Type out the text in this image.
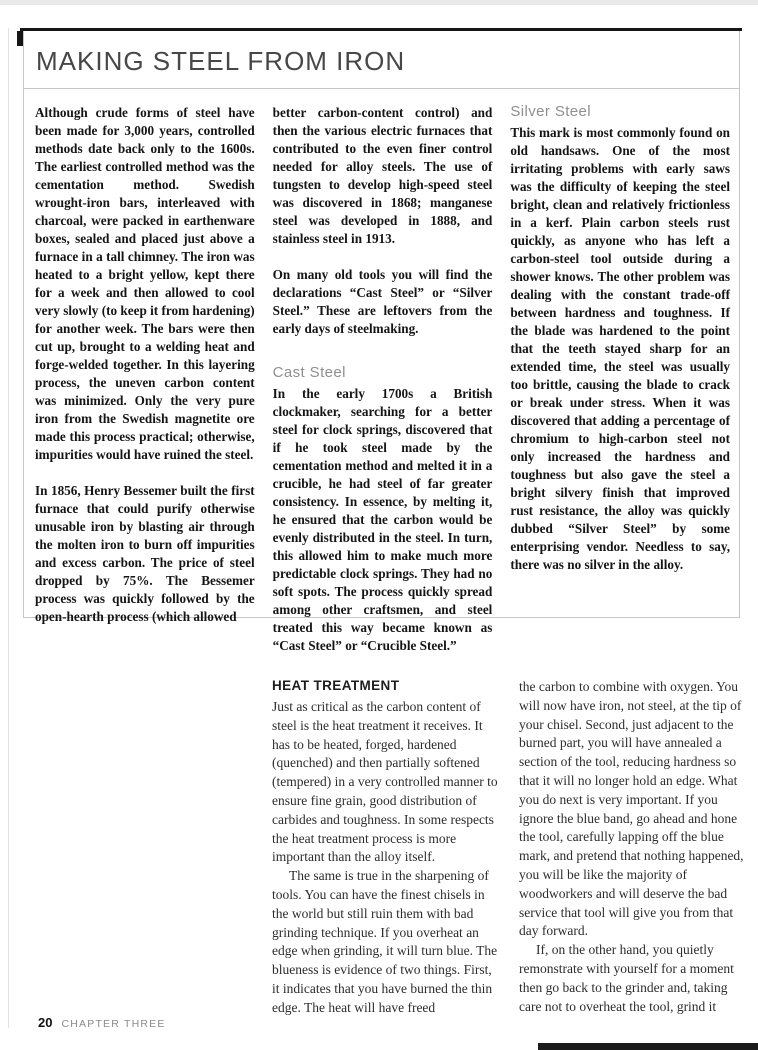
MAKING STEEL FROM IRON

Although crude forms of steel have been made for 3,000 years, controlled methods date back only to the 1600s. The earliest controlled method was the cementation method. Swedish wrought-iron bars, interleaved with charcoal, were packed in earthenware boxes, sealed and placed just above a furnace in a tall chimney. The iron was heated to a bright yellow, kept there for a week and then allowed to cool very slowly (to keep it from hardening) for another week. The bars were then cut up, brought to a welding heat and forge-welded together. In this layering process, the uneven carbon content was minimized. Only the very pure iron from the Swedish magnetite ore made this process practical; otherwise, impurities would have ruined the steel.

In 1856, Henry Bessemer built the first furnace that could purify otherwise unusable iron by blasting air through the molten iron to burn off impurities and excess carbon. The price of steel dropped by 75%. The Bessemer process was quickly followed by the open-hearth process (which allowed

better carbon-content control) and then the various electric furnaces that contributed to the even finer control needed for alloy steels. The use of tungsten to develop high-speed steel was discovered in 1868; manganese steel was developed in 1888, and stainless steel in 1913.

On many old tools you will find the declarations “Cast Steel” or “Silver Steel.” These are leftovers from the early days of steelmaking.

Cast Steel

In the early 1700s a British clockmaker, searching for a better steel for clock springs, discovered that if he took steel made by the cementation method and melted it in a crucible, he had steel of far greater consistency. In essence, by melting it, he ensured that the carbon would be evenly distributed in the steel. In turn, this allowed him to make much more predictable clock springs. They had no soft spots. The process quickly spread among other craftsmen, and steel treated this way became known as “Cast Steel” or “Crucible Steel.”

Silver Steel

This mark is most commonly found on old handsaws. One of the most irritating problems with early saws was the difficulty of keeping the steel bright, clean and relatively frictionless in a kerf. Plain carbon steels rust quickly, as anyone who has left a carbon-steel tool outside during a shower knows. The other problem was dealing with the constant trade-off between hardness and toughness. If the blade was hardened to the point that the teeth stayed sharp for an extended time, the steel was usually too brittle, causing the blade to crack or break under stress. When it was discovered that adding a percentage of chromium to high-carbon steel not only increased the hardness and toughness but also gave the steel a bright silvery finish that improved rust resistance, the alloy was quickly dubbed “Silver Steel” by some enterprising vendor. Needless to say, there was no silver in the alloy.

HEAT TREATMENT

Just as critical as the carbon content of steel is the heat treatment it receives. It has to be heated, forged, hardened (quenched) and then partially softened (tempered) in a very controlled manner to ensure fine grain, good distribution of carbides and toughness. In some respects the heat treatment process is more important than the alloy itself.

The same is true in the sharpening of tools. You can have the finest chisels in the world but still ruin them with bad grinding technique. If you overheat an edge when grinding, it will turn blue. The blueness is evidence of two things. First, it indicates that you have burned the thin edge. The heat will have freed

the carbon to combine with oxygen. You will now have iron, not steel, at the tip of your chisel. Second, just adjacent to the burned part, you will have annealed a section of the tool, reducing hardness so that it will no longer hold an edge. What you do next is very important. If you ignore the blue band, go ahead and hone the tool, carefully lapping off the blue mark, and pretend that nothing happened, you will be like the majority of woodworkers and will deserve the bad service that tool will give you from that day forward.

If, on the other hand, you quietly remonstrate with yourself for a moment then go back to the grinder and, taking care not to overheat the tool, grind it

20 CHAPTER THREE
